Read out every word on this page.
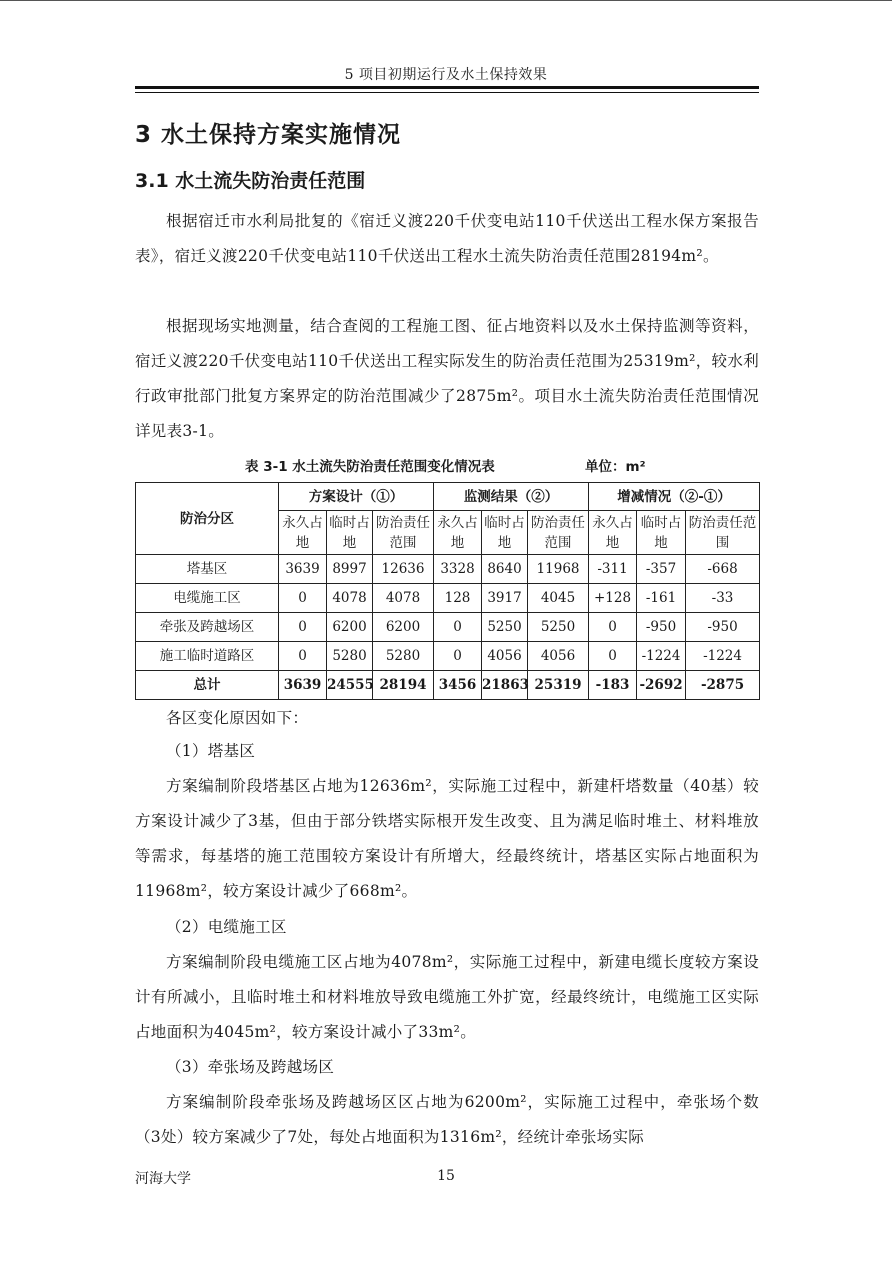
5 项目初期运行及水土保持效果
3 水土保持方案实施情况
3.1 水土流失防治责任范围

根据宿迁市水利局批复的《宿迁义渡220千伏变电站110千伏送出工程水保方案报告表》，宿迁义渡220千伏变电站110千伏送出工程水土流失防治责任范围28194m²。

根据现场实地测量，结合查阅的工程施工图、征占地资料以及水土保持监测等资料，宿迁义渡220千伏变电站110千伏送出工程实际发生的防治责任范围为25319m²，较水利行政审批部门批复方案界定的防治范围减少了2875m²。项目水土流失防治责任范围情况详见表3-1。

表 3-1 水土流失防治责任范围变化情况表	单位：m²
防治分区	方案设计（①）			监测结果（②）			增减情况（②-①）		
	永久占地	临时占地	防治责任范围	永久占地	临时占地	防治责任范围	永久占地	临时占地	防治责任范围
塔基区	3639	8997	12636	3328	8640	11968	-311	-357	-668
电缆施工区	0	4078	4078	128	3917	4045	+128	-161	-33
牵张及跨越场区	0	6200	6200	0	5250	5250	0	-950	-950
施工临时道路区	0	5280	5280	0	4056	4056	0	-1224	-1224
总计	3639	24555	28194	3456	21863	25319	-183	-2692	-2875

各区变化原因如下：

（1）塔基区

方案编制阶段塔基区占地为12636m²，实际施工过程中，新建杆塔数量（40基）较方案设计减少了3基，但由于部分铁塔实际根开发生改变、且为满足临时堆土、材料堆放等需求，每基塔的施工范围较方案设计有所增大，经最终统计，塔基区实际占地面积为11968m²，较方案设计减少了668m²。

（2）电缆施工区

方案编制阶段电缆施工区占地为4078m²，实际施工过程中，新建电缆长度较方案设计有所减小，且临时堆土和材料堆放导致电缆施工外扩宽，经最终统计，电缆施工区实际占地面积为4045m²，较方案设计减小了33m²。

（3）牵张场及跨越场区

方案编制阶段牵张场及跨越场区区占地为6200m²，实际施工过程中，牵张场个数（3处）较方案减少了7处，每处占地面积为1316m²，经统计牵张场实际

河海大学	15
